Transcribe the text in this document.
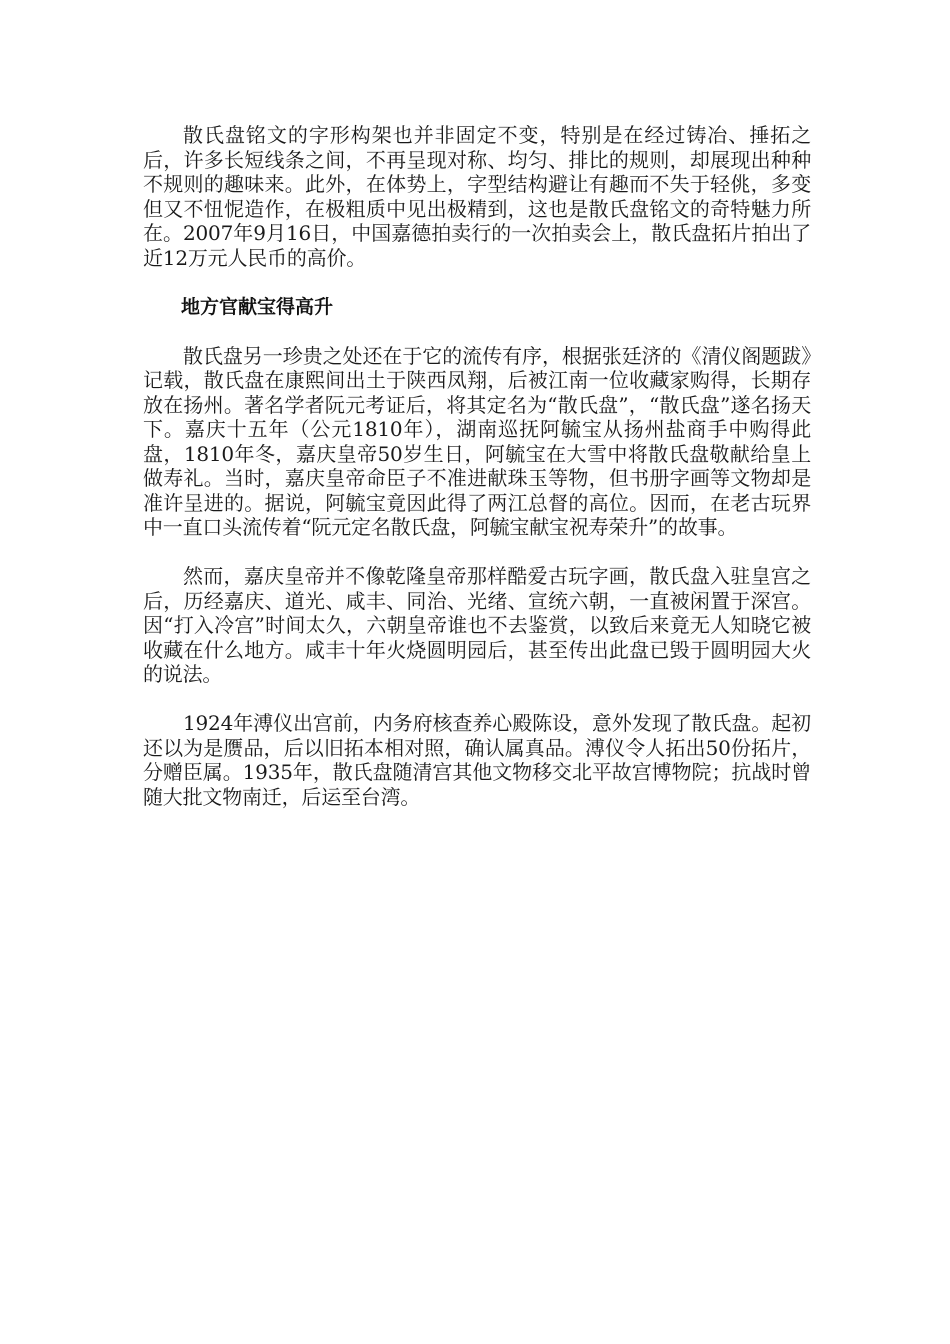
散氏盘铭文的字形构架也并非固定不变，特别是在经过铸冶、捶拓之后，许多长短线条之间，不再呈现对称、均匀、排比的规则，却展现出种种不规则的趣味来。此外，在体势上，字型结构避让有趣而不失于轻佻，多变但又不忸怩造作，在极粗质中见出极精到，这也是散氏盘铭文的奇特魅力所在。2007年9月16日，中国嘉德拍卖行的一次拍卖会上，散氏盘拓片拍出了近12万元人民币的高价。

地方官献宝得高升

散氏盘另一珍贵之处还在于它的流传有序，根据张廷济的《清仪阁题跋》记载，散氏盘在康熙间出土于陕西凤翔，后被江南一位收藏家购得，长期存放在扬州。著名学者阮元考证后，将其定名为“散氏盘”，“散氏盘”遂名扬天下。嘉庆十五年（公元1810年），湖南巡抚阿毓宝从扬州盐商手中购得此盘，1810年冬，嘉庆皇帝50岁生日，阿毓宝在大雪中将散氏盘敬献给皇上做寿礼。当时，嘉庆皇帝命臣子不准进献珠玉等物，但书册字画等文物却是准许呈进的。据说，阿毓宝竟因此得了两江总督的高位。因而，在老古玩界中一直口头流传着“阮元定名散氏盘，阿毓宝献宝祝寿荣升”的故事。

然而，嘉庆皇帝并不像乾隆皇帝那样酷爱古玩字画，散氏盘入驻皇宫之后，历经嘉庆、道光、咸丰、同治、光绪、宣统六朝，一直被闲置于深宫。因“打入冷宫”时间太久，六朝皇帝谁也不去鉴赏，以致后来竟无人知晓它被收藏在什么地方。咸丰十年火烧圆明园后，甚至传出此盘已毁于圆明园大火的说法。

1924年溥仪出宫前，内务府核查养心殿陈设，意外发现了散氏盘。起初还以为是赝品，后以旧拓本相对照，确认属真品。溥仪令人拓出50份拓片，分赠臣属。1935年，散氏盘随清宫其他文物移交北平故宫博物院；抗战时曾随大批文物南迁，后运至台湾。
